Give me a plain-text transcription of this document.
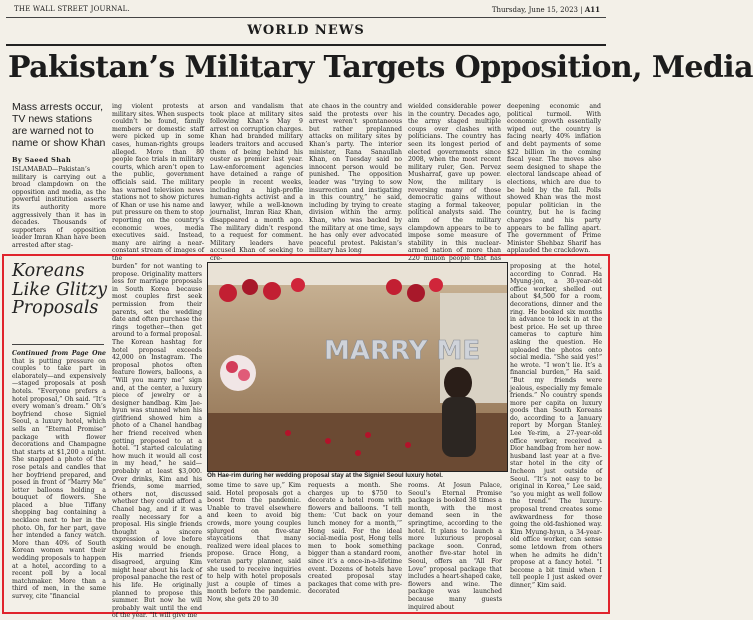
THE WALL STREET JOURNAL.	Thursday, June 15, 2023 | A11
WORLD NEWS
Pakistan’s Military Targets Opposition, Media
Mass arrests occur, TV news stations are warned not to name or show Khan
By Saeed Shah
ISLAMABAD—Pakistan’s military is carrying out a broad clampdown on the opposition and media, as the powerful institution asserts its authority more aggressively than it has in decades. Thousands of supporters of opposition leader Imran Khan have been arrested after stag-
ing violent protests at military sites. When suspects couldn’t be found, family members or domestic staff were picked up in some cases, human-rights groups alleged. More than 80 people face trials in military courts, which aren’t open to the public, government officials said. The military has warned television news stations not to show pictures of Khan or use his name and put pressure on them to stop reporting on the country’s economic woes, media executives said. Instead, many are airing a near-constant stream of images of the
arson and vandalism that took place at military sites following Khan’s May 9 arrest on corruption charges. Khan had branded military leaders traitors and accused them of being behind his ouster as premier last year. Law-enforcement agencies have detained a range of people in recent weeks, including a high-profile human-rights activist and a lawyer, while a well-known journalist, Imran Riaz Khan, disappeared a month ago. The military didn’t respond to a request for comment. Military leaders have accused Khan of seeking to cre-
ate chaos in the country and said the protests over his arrest weren’t spontaneous but rather preplanned attacks on military sites by Khan’s party. The interior minister, Rana Sanaullah Khan, on Tuesday said no innocent person would be punished. The opposition leader was “trying to sow insurrection and instigating in this country,” he said, including by trying to create division within the army. Khan, who was backed by the military at one time, says he has only ever advocated peaceful protest. Pakistan’s military has long
wielded considerable power in the country. Decades ago, the army staged multiple coups over clashes with politicians. The country has seen its longest period of elected governments since 2008, when the most recent military ruler, Gen. Pervez Musharraf, gave up power. Now, the military is reversing many of those democratic gains without staging a formal takeover, political analysts said. The aim of the military clampdown appears to be to impose some measure of stability in this nuclear-armed nation of more than 220 million people that has
deepening economic and political turmoil. With economic growth essentially wiped out, the country is facing nearly 40% inflation and debt payments of some $22 billion in the coming fiscal year. The moves also seem designed to shape the electoral landscape ahead of elections, which are due to be held by the fall. Polls showed Khan was the most popular politician in the country, but he is facing charges and his party appears to be falling apart. The government of Prime Minister Shehbaz Sharif has applauded the crackdown.
Koreans Like Glitzy Proposals
Continued from Page One that is putting pressure on couples to take part in elaborately—and expensively—staged proposals at posh hotels. “Everyone prefers a hotel proposal,” Oh said. “It’s every woman’s dream.” Oh’s boyfriend chose Signiel Seoul, a luxury hotel, which sells an “Eternal Promise” package with flower decorations and Champagne that starts at $1,200 a night. She snapped a photo of the rose petals and candles that her boyfriend prepared, and posed in front of “Marry Me” letter balloons holding a bouquet of flowers. She placed a blue Tiffany shopping bag containing a necklace next to her in the photo. Oh, for her part, gave her intended a fancy watch. More than 40% of South Korean women want their wedding proposals to happen at a hotel, according to a recent poll by a local matchmaker. More than a third of men, in the same survey, cite “financial
burden” for not wanting to propose. Originality matters less for marriage proposals in South Korea because most couples first seek permission from their parents, set the wedding date and often purchase the rings together—then get around to a formal proposal. The Korean hashtag for hotel proposal exceeds 42,000 on Instagram. The proposal photos often feature flowers, balloons, a “Will you marry me” sign and, at the center, a luxury piece of jewelry or a designer handbag. Kim Jae-hyun was stunned when his girlfriend showed him a photo of a Chanel handbag her friend received when getting proposed to at a hotel. “I started calculating how much it would all cost in my head,” he said—probably at least $3,000. Over drinks, Kim and his friends, some married, others not, discussed whether they could afford a Chanel bag, and if it was really necessary for a proposal. His single friends thought a sincere expression of love before asking would be enough. His married friends disagreed, arguing Kim might hear about his lack of proposal panache the rest of his life. He originally planned to propose this summer. But now he will probably wait until the end of the year. “It will give me
MARRY ME
Oh Hae-rim during her wedding proposal stay at the Signiel Seoul luxury hotel.
some time to save up,” Kim said. Hotel proposals got a boost from the pandemic. Unable to travel elsewhere and keen to avoid big crowds, more young couples splurged on five-star staycations that many realized were ideal places to propose. Grace Hong, a veteran party planner, said she used to receive inquiries to help with hotel proposals just a couple of times a month before the pandemic. Now, she gets 20 to 30
requests a month. She charges up to $750 to decorate a hotel room with flowers and balloons. “I tell them: ‘Cut back on your lunch money for a month,’” Hong said. For the ideal social-media post, Hong tells men to book something bigger than a standard room, since it’s a once-in-a-lifetime event. Dozens of hotels have created proposal stay packages that come with pre-decorated
rooms. At Josun Palace, Seoul’s Eternal Promise package is booked 38 times a month, with the most demand seen in the springtime, according to the hotel. It plans to launch a more luxurious proposal package soon. Conrad, another five-star hotel in Seoul, offers an “All For Love” proposal package that includes a heart-shaped cake, flowers and wine. The package was launched because many guests inquired about
proposing at the hotel, according to Conrad. Ha Myung-jon, a 30-year-old office worker, shelled out about $4,500 for a room, decorations, dinner and the ring. He booked six months in advance to lock in at the best price. He set up three cameras to capture him asking the question. He uploaded the photos onto social media. “She said yes!” he wrote. “I won’t lie. It’s a financial burden,” Ha said. “But my friends were jealous, especially my female friends.” No country spends more per capita on luxury goods than South Koreans do, according to a January report by Morgan Stanley. Lee Ye-rim, a 27-year-old office worker, received a Dior handbag from her now-husband last year at a five-star hotel in the city of Incheon just outside of Seoul. “It’s not easy to be original in Korea,” Lee said, “so you might as well follow the trend.” The luxury-proposal trend creates some awkwardness for those going the old-fashioned way. Kim Myung-hyun, a 34-year-old office worker, can sense some letdown from others when he admits he didn’t propose at a fancy hotel. “I become a bit timid when I tell people I just asked over dinner,” Kim said.
